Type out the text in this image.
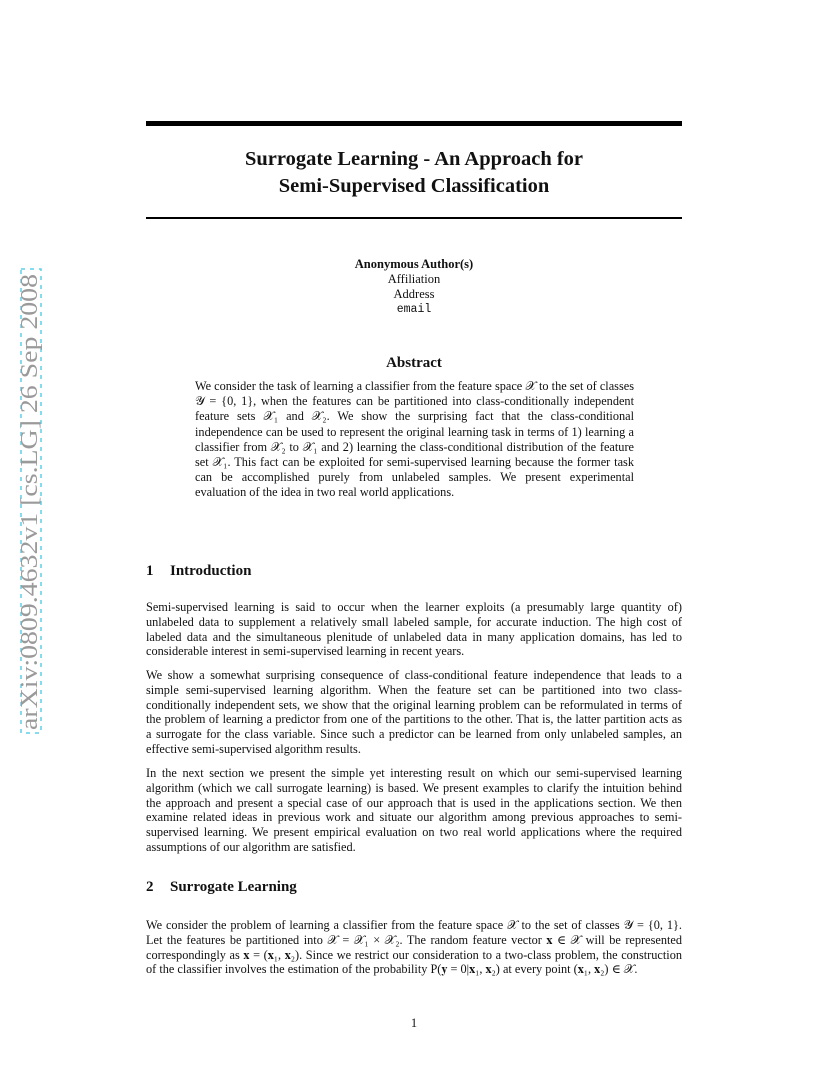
arXiv:0809.4632v1 [cs.LG] 26 Sep 2008
Surrogate Learning - An Approach for
Semi-Supervised Classification
Anonymous Author(s)
Affiliation
Address
email
Abstract

We consider the task of learning a classifier from the feature space 𝒳 to the set of classes 𝒴 = {0, 1}, when the features can be partitioned into class-conditionally independent feature sets 𝒳₁ and 𝒳₂. We show the surprising fact that the class-conditional independence can be used to represent the original learning task in terms of 1) learning a classifier from 𝒳₂ to 𝒳₁ and 2) learning the class-conditional distribution of the feature set 𝒳₁. This fact can be exploited for semi-supervised learning because the former task can be accomplished purely from unlabeled samples. We present experimental evaluation of the idea in two real world applications.

1 Introduction

Semi-supervised learning is said to occur when the learner exploits (a presumably large quantity of) unlabeled data to supplement a relatively small labeled sample, for accurate induction. The high cost of labeled data and the simultaneous plenitude of unlabeled data in many application domains, has led to considerable interest in semi-supervised learning in recent years.

We show a somewhat surprising consequence of class-conditional feature independence that leads to a simple semi-supervised learning algorithm. When the feature set can be partitioned into two class-conditionally independent sets, we show that the original learning problem can be reformulated in terms of the problem of learning a predictor from one of the partitions to the other. That is, the latter partition acts as a surrogate for the class variable. Since such a predictor can be learned from only unlabeled samples, an effective semi-supervised algorithm results.

In the next section we present the simple yet interesting result on which our semi-supervised learning algorithm (which we call surrogate learning) is based. We present examples to clarify the intuition behind the approach and present a special case of our approach that is used in the applications section. We then examine related ideas in previous work and situate our algorithm among previous approaches to semi-supervised learning. We present empirical evaluation on two real world applications where the required assumptions of our algorithm are satisfied.

2 Surrogate Learning

We consider the problem of learning a classifier from the feature space 𝒳 to the set of classes 𝒴 = {0, 1}. Let the features be partitioned into 𝒳 = 𝒳₁ × 𝒳₂. The random feature vector 𝐱 ∈ 𝒳 will be represented correspondingly as 𝐱 = (𝐱₁, 𝐱₂). Since we restrict our consideration to a two-class problem, the construction of the classifier involves the estimation of the probability P(𝐲 = 0|𝐱₁, 𝐱₂) at every point (𝐱₁, 𝐱₂) ∈ 𝒳.

1
